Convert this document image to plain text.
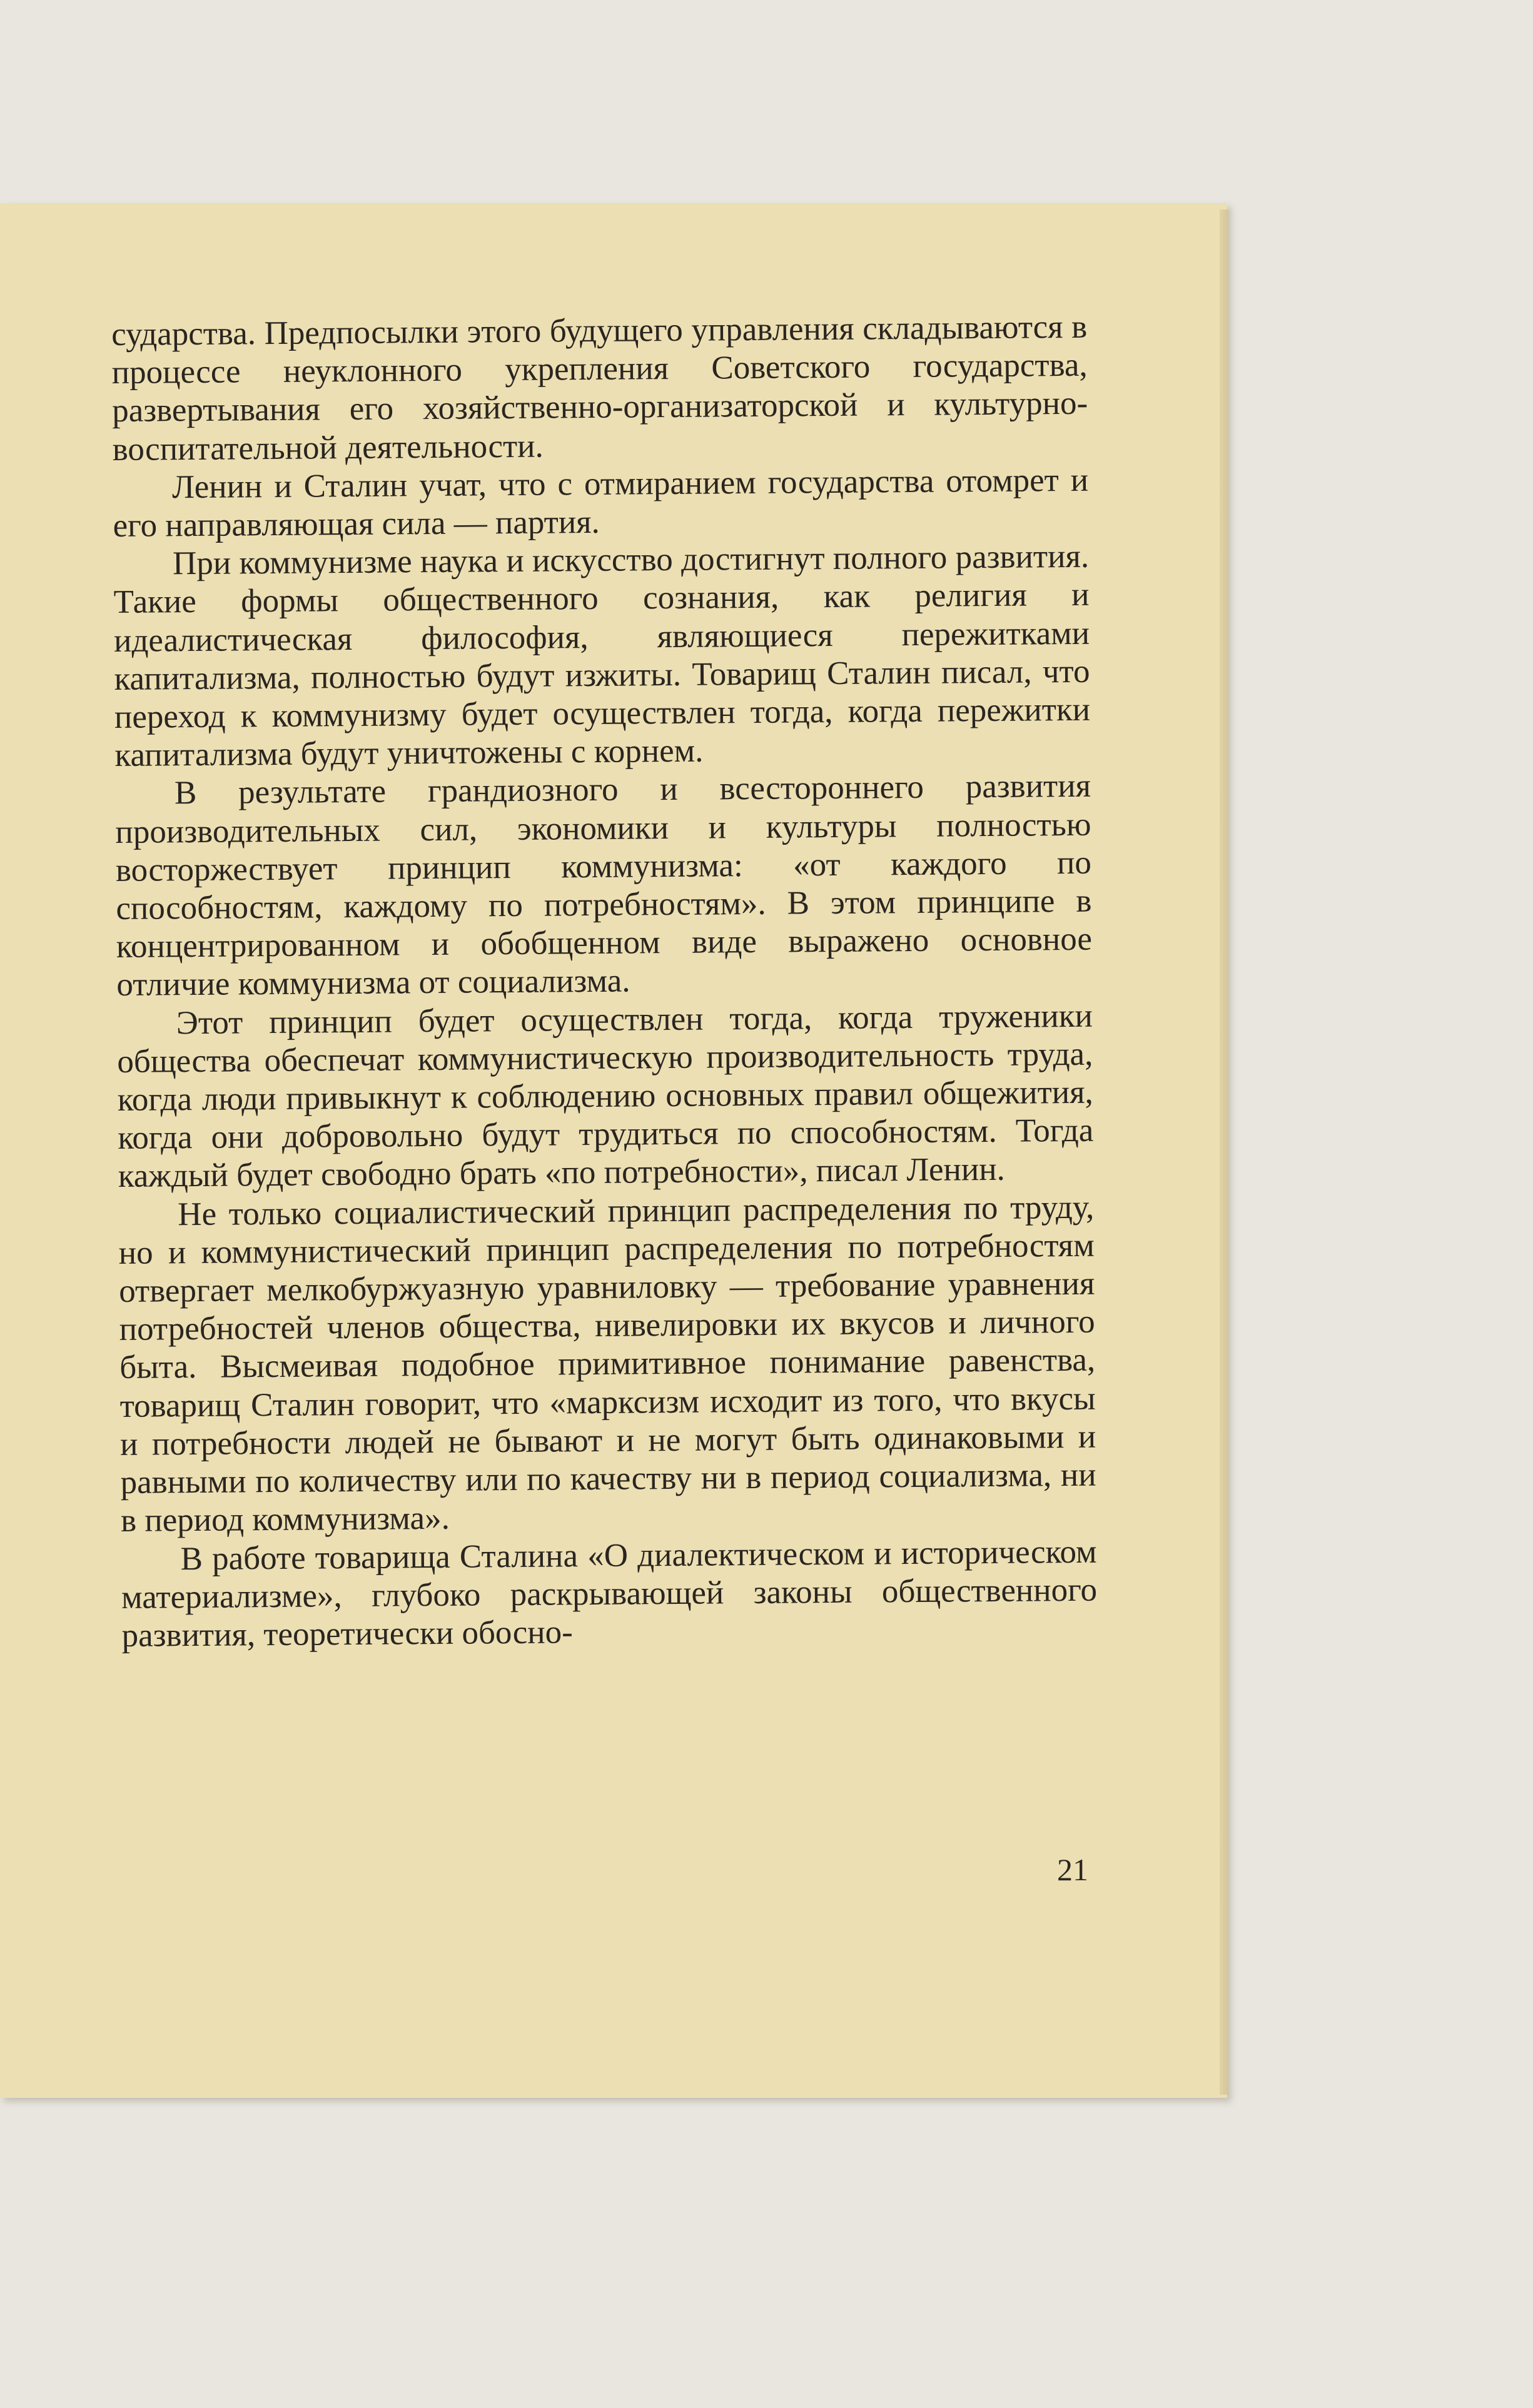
сударства. Предпосылки этого будущего управления складываются в процессе неуклонного укрепления Советского государства, развертывания его хозяйственно-организаторской и культурно-воспитательной деятельности.

Ленин и Сталин учат, что с отмиранием государства отомрет и его направляющая сила — партия.

При коммунизме наука и искусство достигнут полного развития. Такие формы общественного сознания, как религия и идеалистическая философия, являющиеся пережитками капитализма, полностью будут изжиты. Товарищ Сталин писал, что переход к коммунизму будет осуществлен тогда, когда пережитки капитализма будут уничтожены с корнем.

В результате грандиозного и всестороннего развития производительных сил, экономики и культуры полностью восторжествует принцип коммунизма: «от каждого по способностям, каждому по потребностям». В этом принципе в концентрированном и обобщенном виде выражено основное отличие коммунизма от социализма.

Этот принцип будет осуществлен тогда, когда труженики общества обеспечат коммунистическую производительность труда, когда люди привыкнут к соблюдению основных правил общежития, когда они добровольно будут трудиться по способностям. Тогда каждый будет свободно брать «по потребности», писал Ленин.

Не только социалистический принцип распределения по труду, но и коммунистический принцип распределения по потребностям отвергает мелкобуржуазную уравниловку — требование уравнения потребностей членов общества, нивелировки их вкусов и личного быта. Высмеивая подобное примитивное понимание равенства, товарищ Сталин говорит, что «марксизм исходит из того, что вкусы и потребности людей не бывают и не могут быть одинаковыми и равными по количеству или по качеству ни в период социализма, ни в период коммунизма».

В работе товарища Сталина «О диалектическом и историческом материализме», глубоко раскрывающей законы общественного развития, теоретически обосно-

21
